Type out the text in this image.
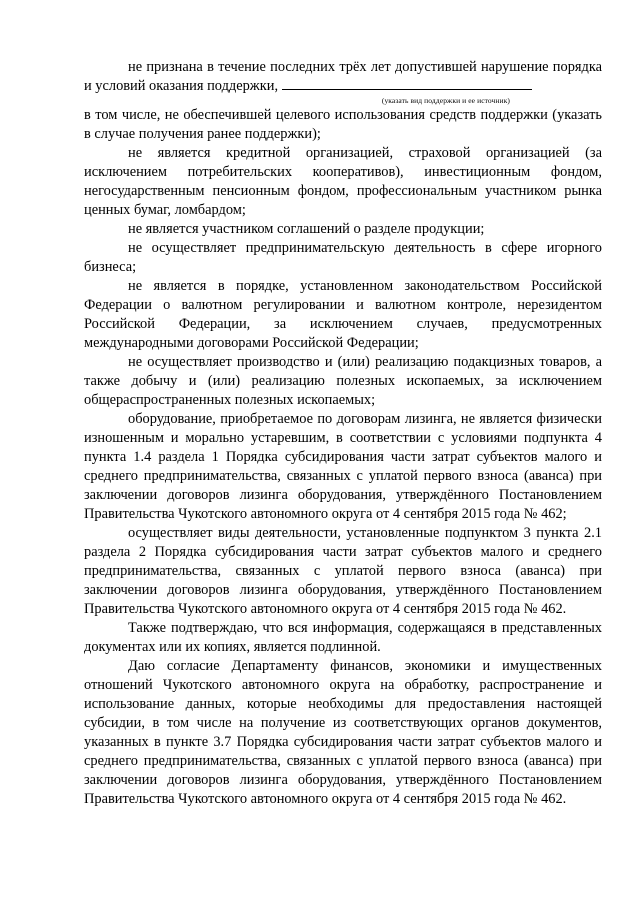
не признана в течение последних трёх лет допустившей нарушение порядка и условий оказания поддержки,

(указать вид поддержки и ее источник)

в том числе, не обеспечившей целевого использования средств поддержки (указать в случае получения ранее поддержки);

не является кредитной организацией, страховой организацией (за исключением потребительских кооперативов), инвестиционным фондом, негосударственным пенсионным фондом, профессиональным участником рынка ценных бумаг, ломбардом;

не является участником соглашений о разделе продукции;

не осуществляет предпринимательскую деятельность в сфере игорного бизнеса;

не является в порядке, установленном законодательством Российской Федерации о валютном регулировании и валютном контроле, нерезидентом Российской Федерации, за исключением случаев, предусмотренных международными договорами Российской Федерации;

не осуществляет производство и (или) реализацию подакцизных товаров, а также добычу и (или) реализацию полезных ископаемых, за исключением общераспространенных полезных ископаемых;

оборудование, приобретаемое по договорам лизинга, не является физически изношенным и морально устаревшим, в соответствии с условиями подпункта 4 пункта 1.4 раздела 1 Порядка субсидирования части затрат субъектов малого и среднего предпринимательства, связанных с уплатой первого взноса (аванса) при заключении договоров лизинга оборудования, утверждённого Постановлением Правительства Чукотского автономного округа от 4 сентября 2015 года № 462;

осуществляет виды деятельности, установленные подпунктом 3 пункта 2.1 раздела 2 Порядка субсидирования части затрат субъектов малого и среднего предпринимательства, связанных с уплатой первого взноса (аванса) при заключении договоров лизинга оборудования, утверждённого Постановлением Правительства Чукотского автономного округа от 4 сентября 2015 года № 462.

Также подтверждаю, что вся информация, содержащаяся в представленных документах или их копиях, является подлинной.

Даю согласие Департаменту финансов, экономики и имущественных отношений Чукотского автономного округа на обработку, распространение и использование данных, которые необходимы для предоставления настоящей субсидии, в том числе на получение из соответствующих органов документов, указанных в пункте 3.7 Порядка субсидирования части затрат субъектов малого и среднего предпринимательства, связанных с уплатой первого взноса (аванса) при заключении договоров лизинга оборудования, утверждённого Постановлением Правительства Чукотского автономного округа от 4 сентября 2015 года № 462.
